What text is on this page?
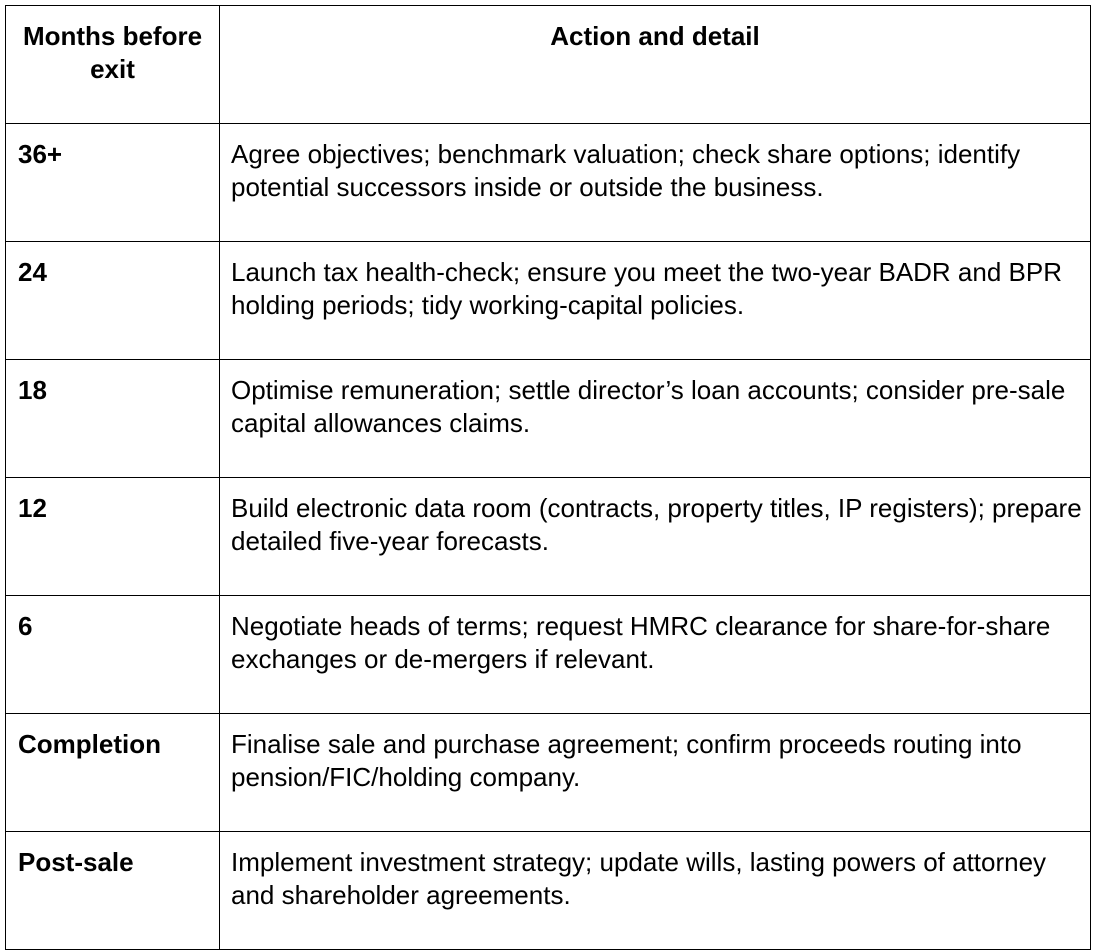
Months before exit	Action and detail
36+	Agree objectives; benchmark valuation; check share options; identify potential successors inside or outside the business.
24	Launch tax health-check; ensure you meet the two-year BADR and BPR holding periods; tidy working-capital policies.
18	Optimise remuneration; settle director’s loan accounts; consider pre-sale capital allowances claims.
12	Build electronic data room (contracts, property titles, IP registers); prepare detailed five-year forecasts.
6	Negotiate heads of terms; request HMRC clearance for share-for-share exchanges or de-mergers if relevant.
Completion	Finalise sale and purchase agreement; confirm proceeds routing into pension/FIC/holding company.
Post-sale	Implement investment strategy; update wills, lasting powers of attorney and shareholder agreements.
